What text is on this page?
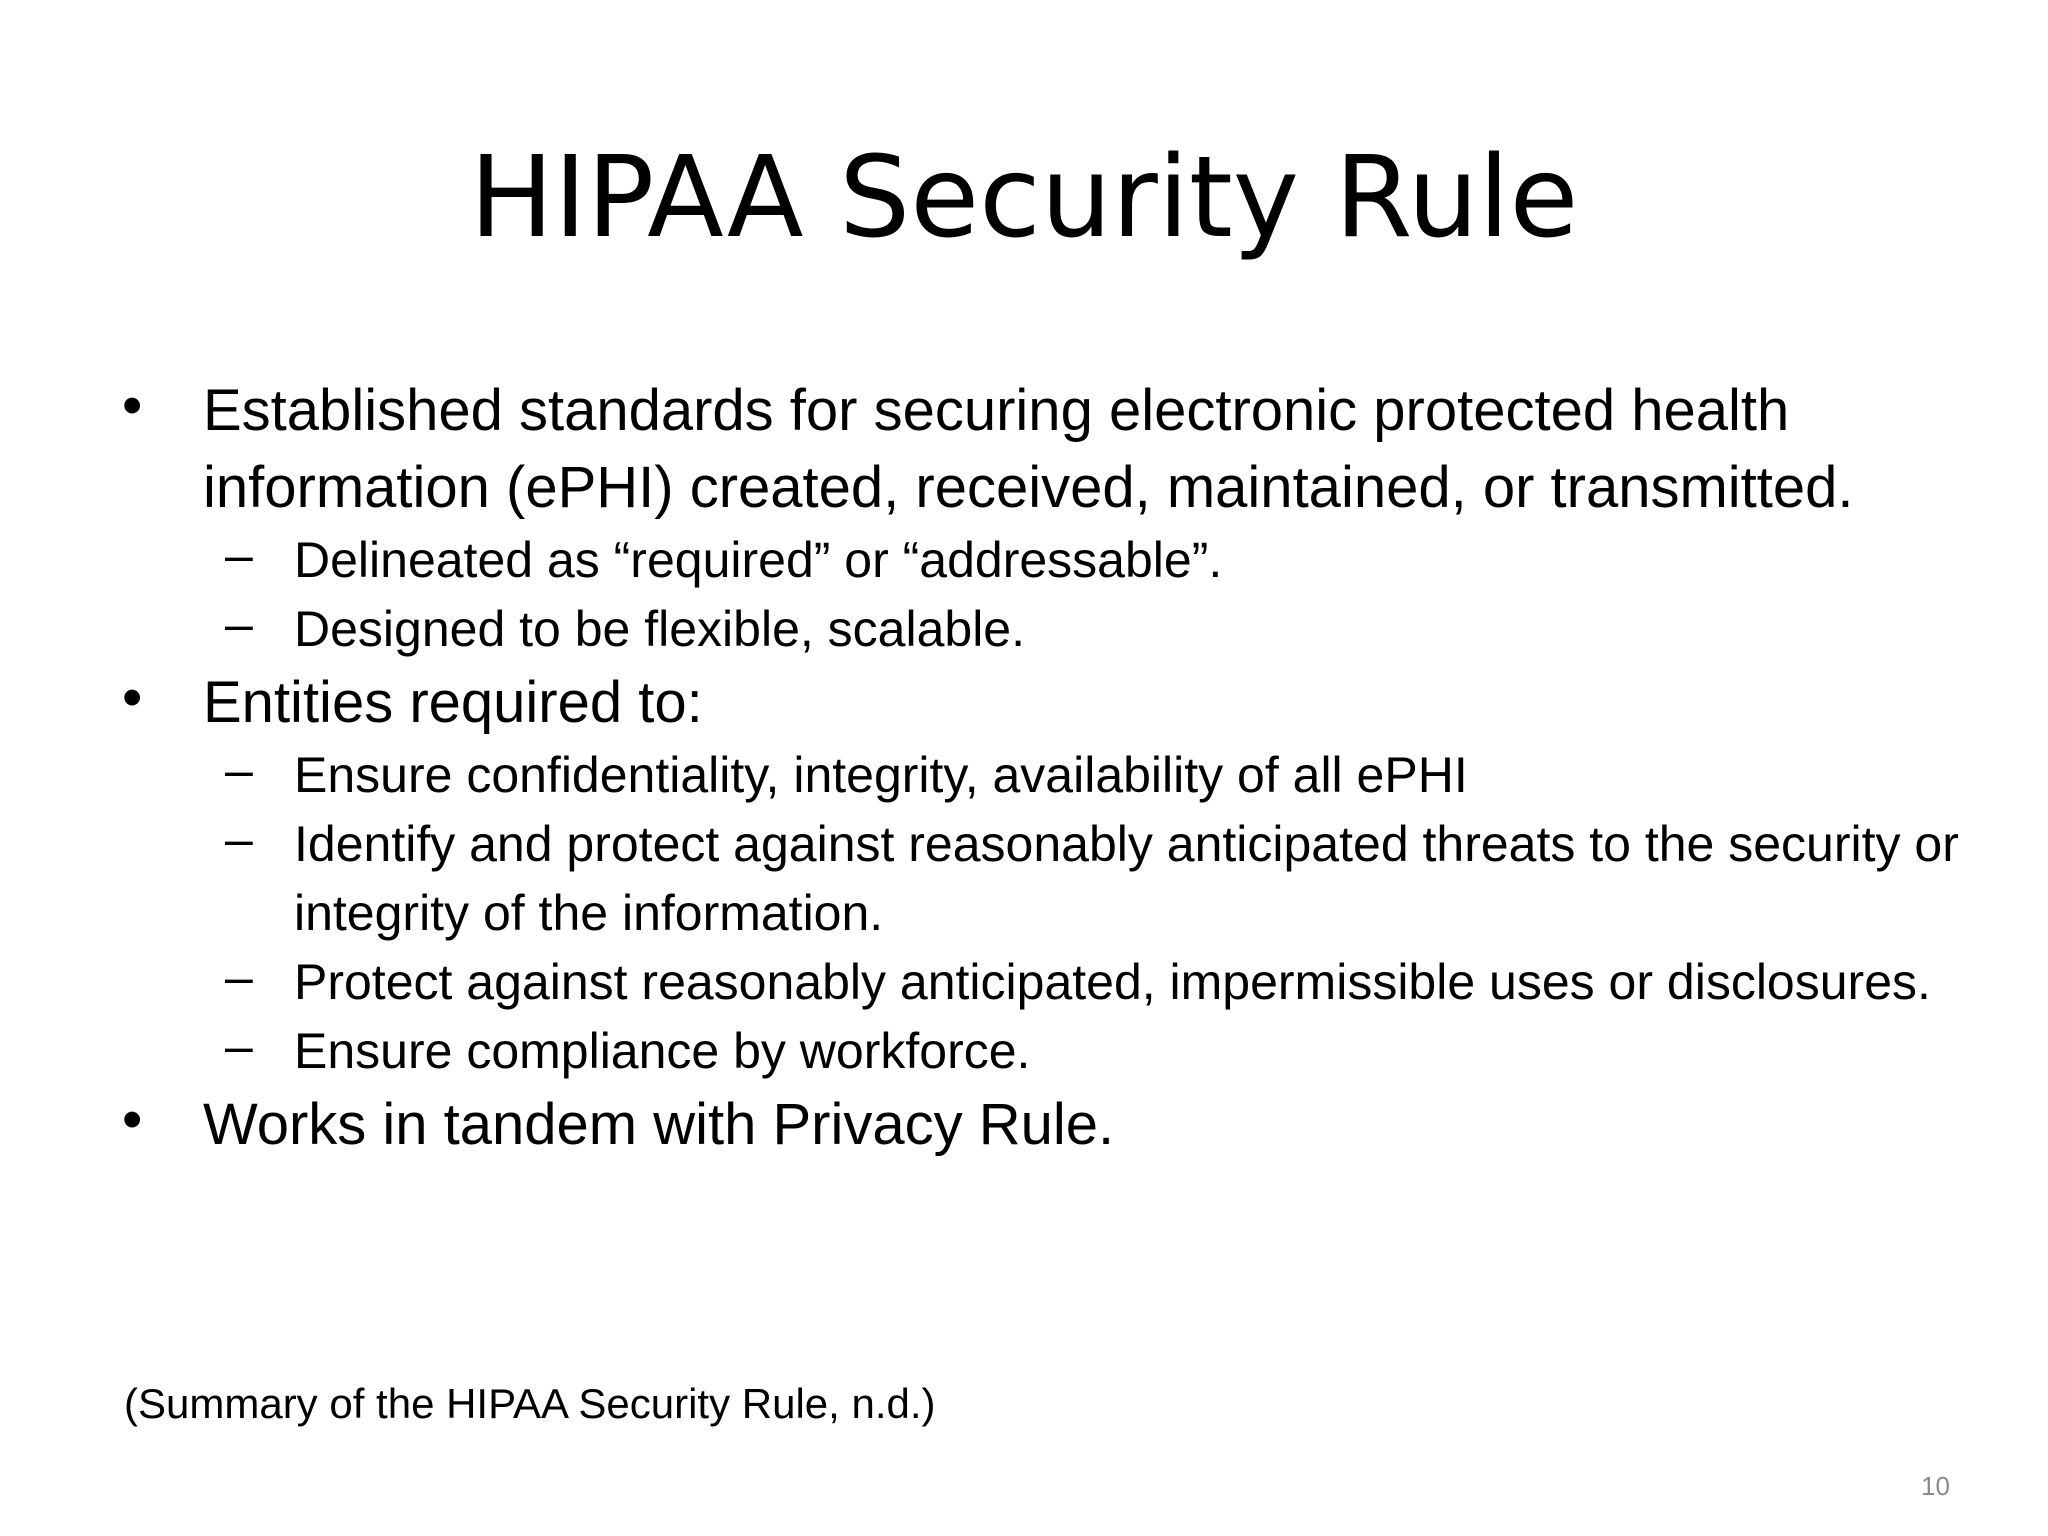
HIPAA Security Rule
• Established standards for securing electronic protected health information (ePHI) created, received, maintained, or transmitted.
– Delineated as “required” or “addressable”.
– Designed to be flexible, scalable.
• Entities required to:
– Ensure confidentiality, integrity, availability of all ePHI
– Identify and protect against reasonably anticipated threats to the security or integrity of the information.
– Protect against reasonably anticipated, impermissible uses or disclosures.
– Ensure compliance by workforce.
• Works in tandem with Privacy Rule.
(Summary of the HIPAA Security Rule, n.d.)
10
